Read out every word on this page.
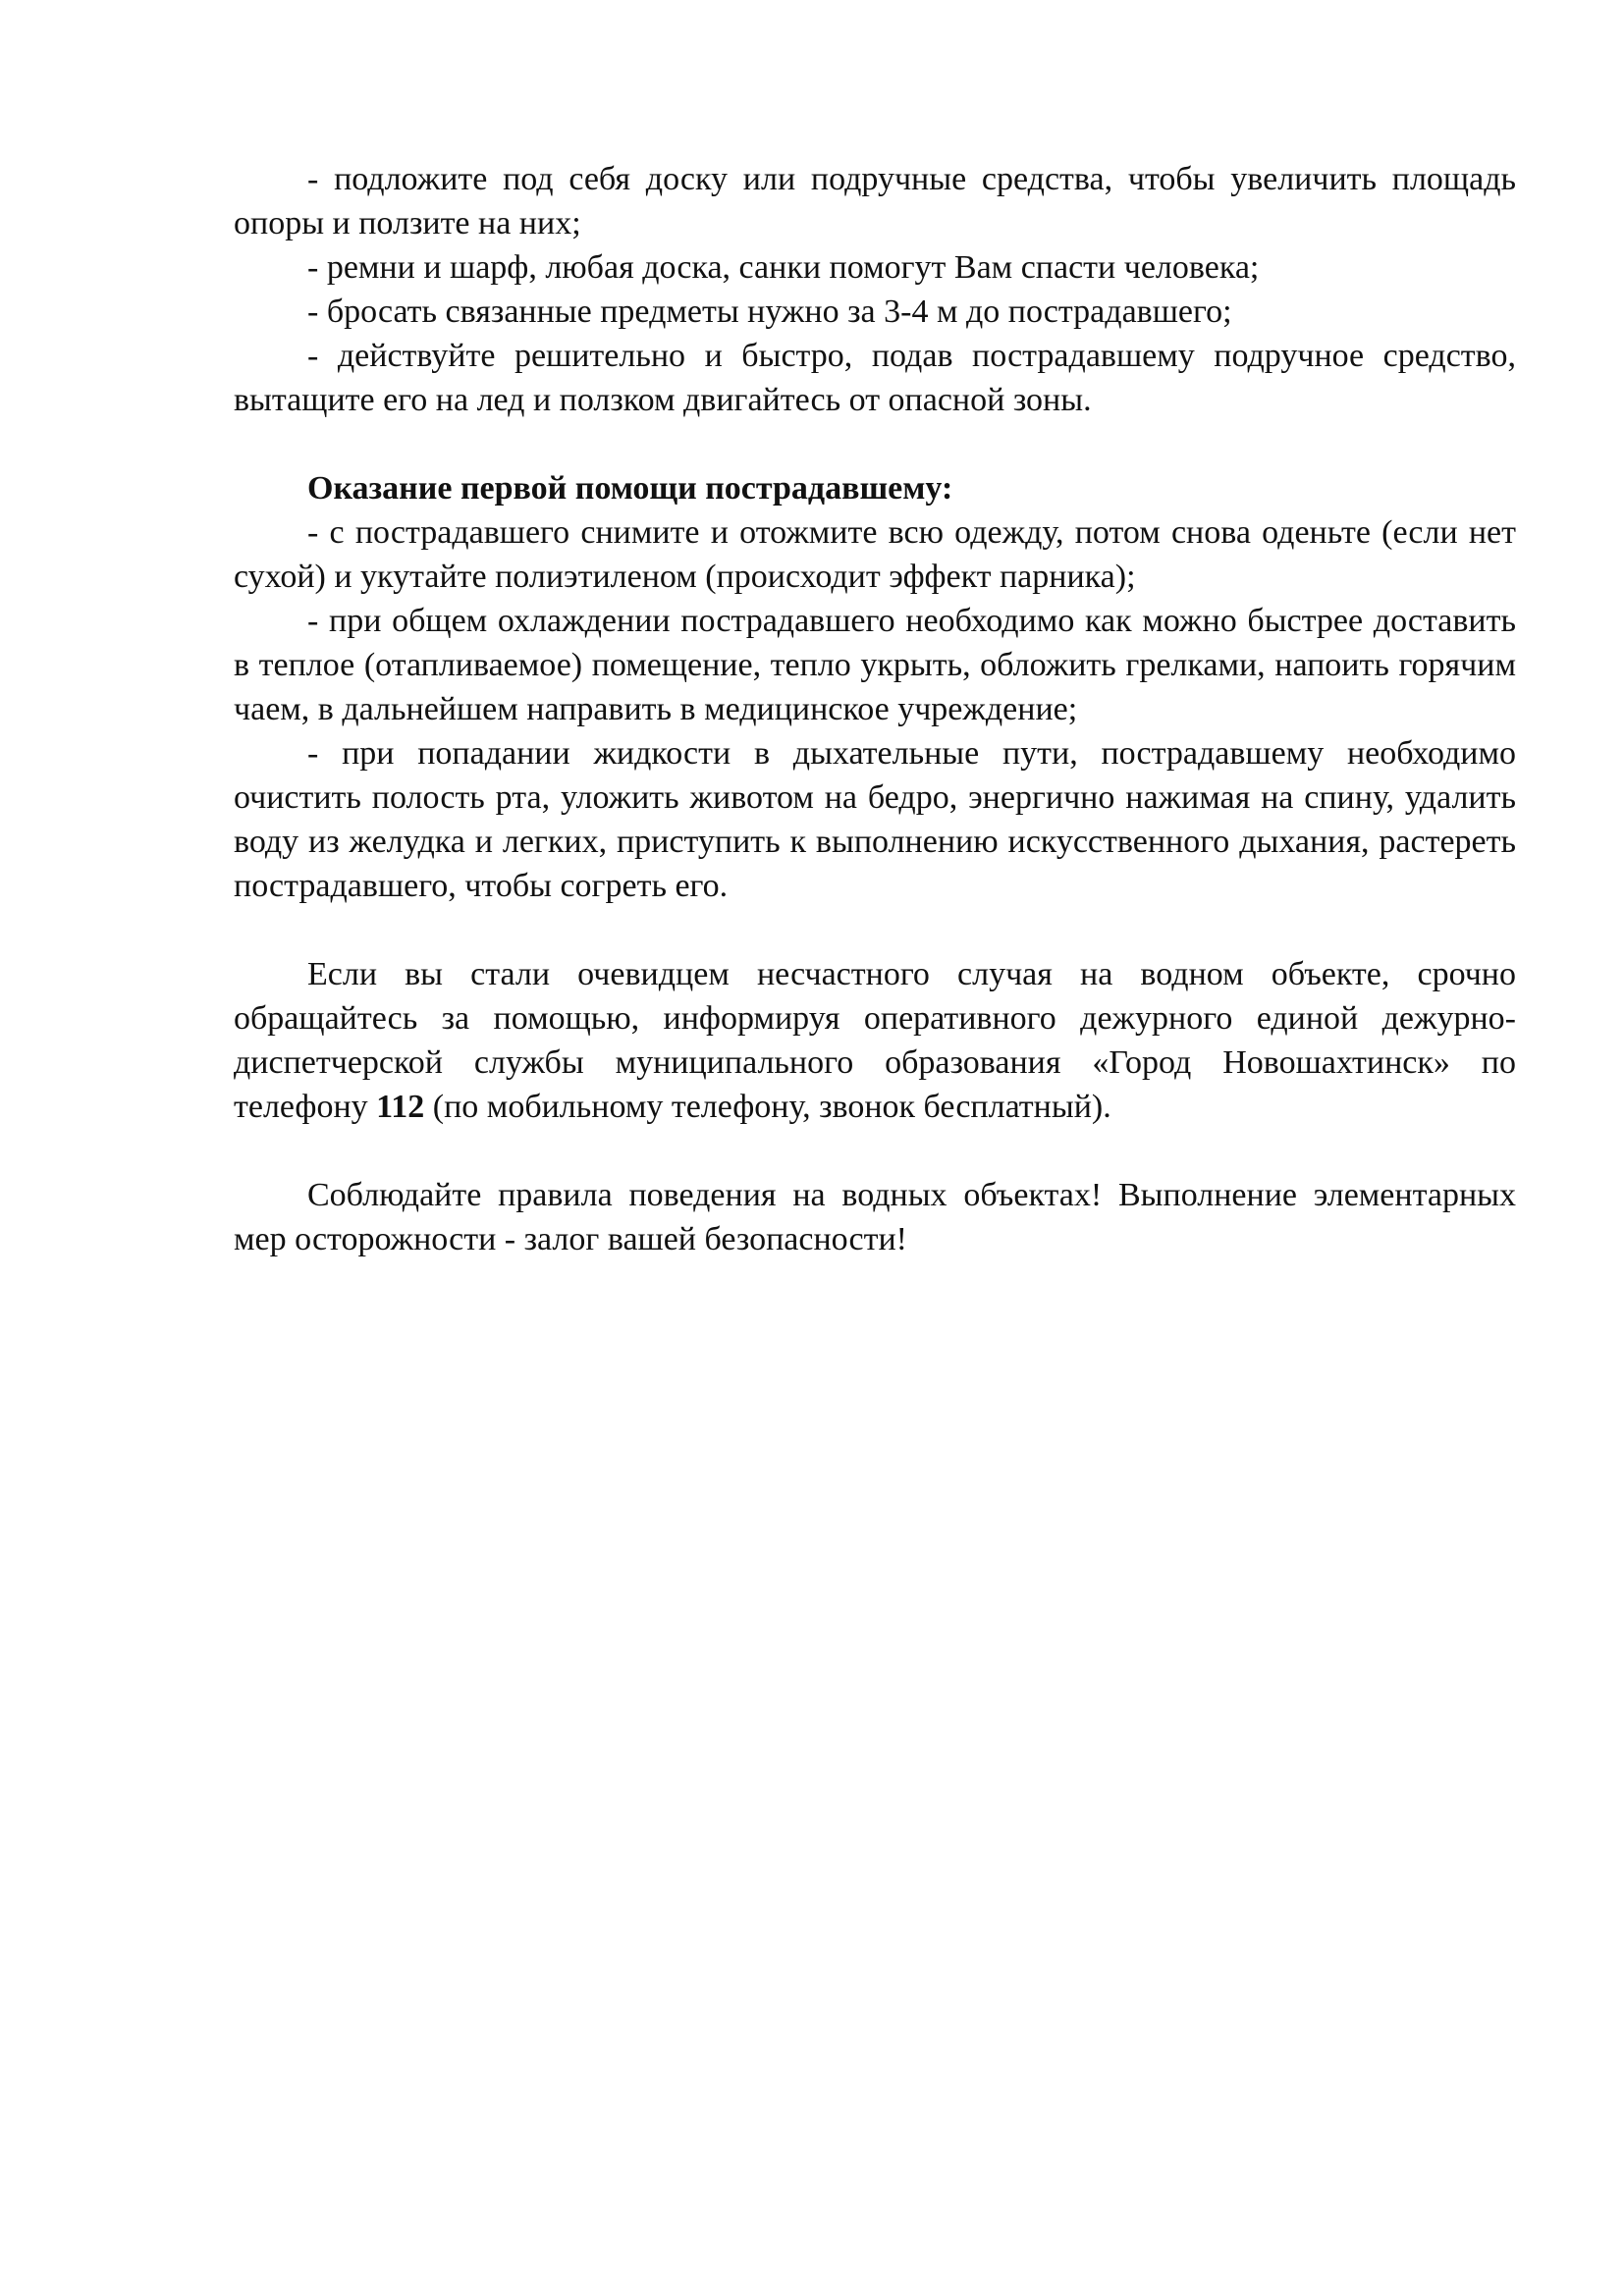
- подложите под себя доску или подручные средства, чтобы увеличить площадь опоры и ползите на них;

- ремни и шарф, любая доска, санки помогут Вам спасти человека;

- бросать связанные предметы нужно за 3-4 м до пострадавшего;

- действуйте решительно и быстро, подав пострадавшему подручное средство, вытащите его на лед и ползком двигайтесь от опасной зоны.

Оказание первой помощи пострадавшему:

- с пострадавшего снимите и отожмите всю одежду, потом снова оденьте (если нет сухой) и укутайте полиэтиленом (происходит эффект парника);

- при общем охлаждении пострадавшего необходимо как можно быстрее доставить в теплое (отапливаемое) помещение, тепло укрыть, обложить грелками, напоить горячим чаем, в дальнейшем направить в медицинское учреждение;

- при попадании жидкости в дыхательные пути, пострадавшему необходимо очистить полость рта, уложить животом на бедро, энергично нажимая на спину, удалить воду из желудка и легких, приступить к выполнению искусственного дыхания, растереть пострадавшего, чтобы согреть его.

Если вы стали очевидцем несчастного случая на водном объекте, срочно обращайтесь за помощью, информируя оперативного дежурного единой дежурно-диспетчерской службы муниципального образования «Город Новошахтинск» по телефону 112 (по мобильному телефону, звонок бесплатный).

Соблюдайте правила поведения на водных объектах! Выполнение элементарных мер осторожности - залог вашей безопасности!
